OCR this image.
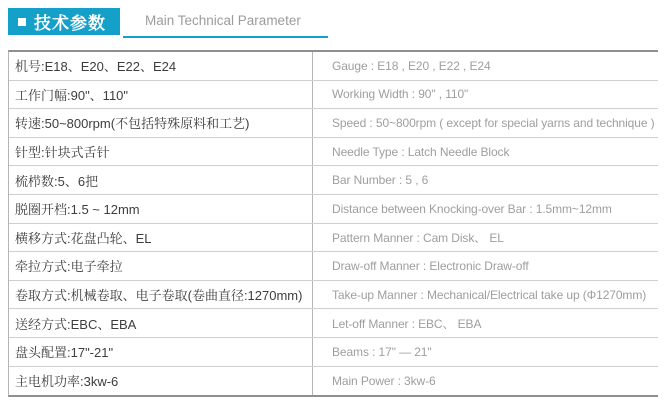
技术参数	Main Technical Parameter
机号:E18、E20、E22、E24	Gauge : E18 , E20 , E22 , E24
工作门幅:90"、110"	Working Width : 90" , 110"
转速:50~800rpm(不包括特殊原料和工艺)	Speed : 50~800rpm ( except for special yarns and technique )
针型:针块式舌针	Needle Type : Latch Needle Block
梳栉数:5、6把	Bar Number : 5 , 6
脱圈开档:1.5 ~ 12mm	Distance between Knocking-over Bar : 1.5mm~12mm
横移方式:花盘凸轮、EL	Pattern Manner : Cam Disk、 EL
牵拉方式:电子牵拉	Draw-off Manner : Electronic Draw-off
卷取方式:机械卷取、电子卷取(卷曲直径:1270mm)	Take-up Manner : Mechanical/Electrical take up (Φ1270mm)
送经方式:EBC、EBA	Let-off Manner : EBC、 EBA
盘头配置:17"-21"	Beams : 17" — 21"
主电机功率:3kw-6	Main Power : 3kw-6
